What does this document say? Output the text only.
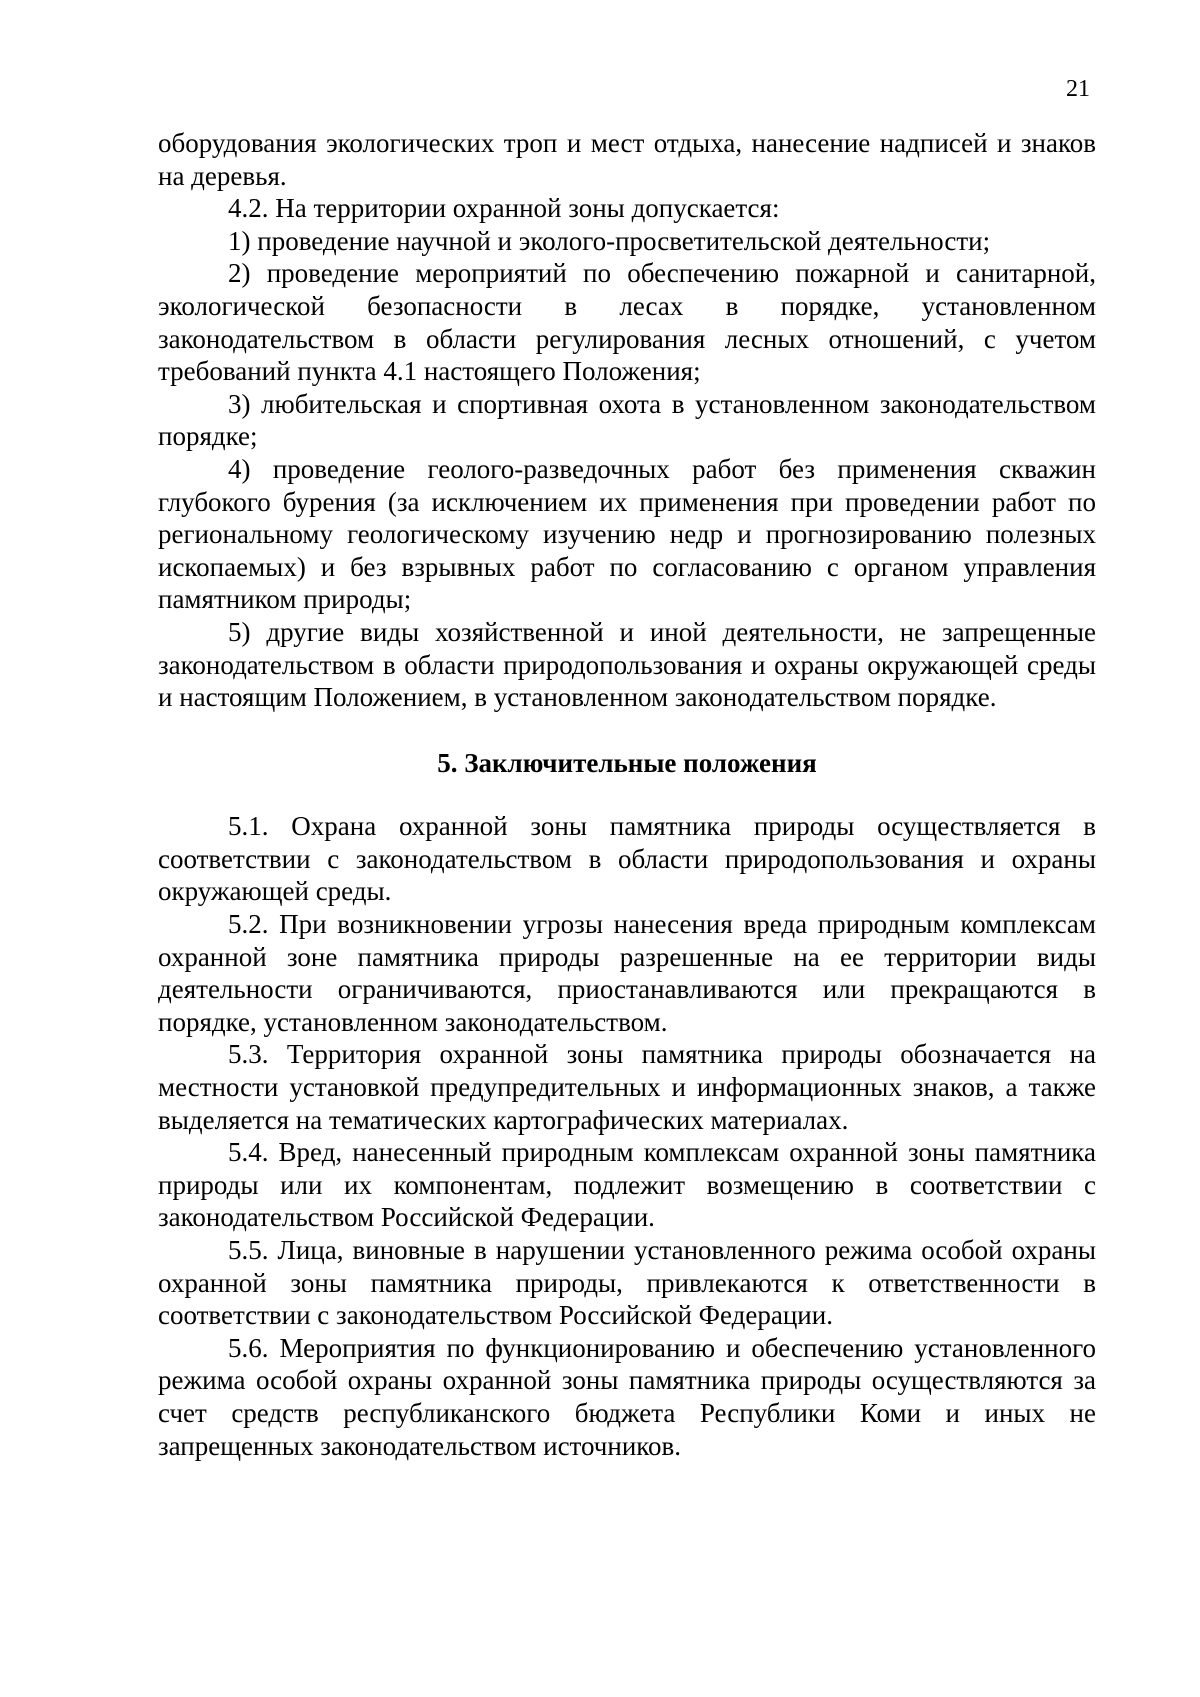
21

оборудования экологических троп и мест отдыха, нанесение надписей и знаков на деревья.

4.2. На территории охранной зоны допускается:

1) проведение научной и эколого-просветительской деятельности;

2) проведение мероприятий по обеспечению пожарной и санитарной, экологической безопасности в лесах в порядке, установленном законодательством в области регулирования лесных отношений, с учетом требований пункта 4.1 настоящего Положения;

3) любительская и спортивная охота в установленном законодательством порядке;

4) проведение геолого-разведочных работ без применения скважин глубокого бурения (за исключением их применения при проведении работ по региональному геологическому изучению недр и прогнозированию полезных ископаемых) и без взрывных работ по согласованию с органом управления памятником природы;

5) другие виды хозяйственной и иной деятельности, не запрещенные законодательством в области природопользования и охраны окружающей среды и настоящим Положением, в установленном законодательством порядке.

5. Заключительные положения

5.1. Охрана охранной зоны памятника природы осуществляется в соответствии с законодательством в области природопользования и охраны окружающей среды.

5.2. При возникновении угрозы нанесения вреда природным комплексам охранной зоне памятника природы разрешенные на ее территории виды деятельности ограничиваются, приостанавливаются или прекращаются в порядке, установленном законодательством.

5.3. Территория охранной зоны памятника природы обозначается на местности установкой предупредительных и информационных знаков, а также выделяется на тематических картографических материалах.

5.4. Вред, нанесенный природным комплексам охранной зоны памятника природы или их компонентам, подлежит возмещению в соответствии с законодательством Российской Федерации.

5.5. Лица, виновные в нарушении установленного режима особой охраны охранной зоны памятника природы, привлекаются к ответственности в соответствии с законодательством Российской Федерации.

5.6. Мероприятия по функционированию и обеспечению установленного режима особой охраны охранной зоны памятника природы осуществляются за счет средств республиканского бюджета Республики Коми и иных не запрещенных законодательством источников.
